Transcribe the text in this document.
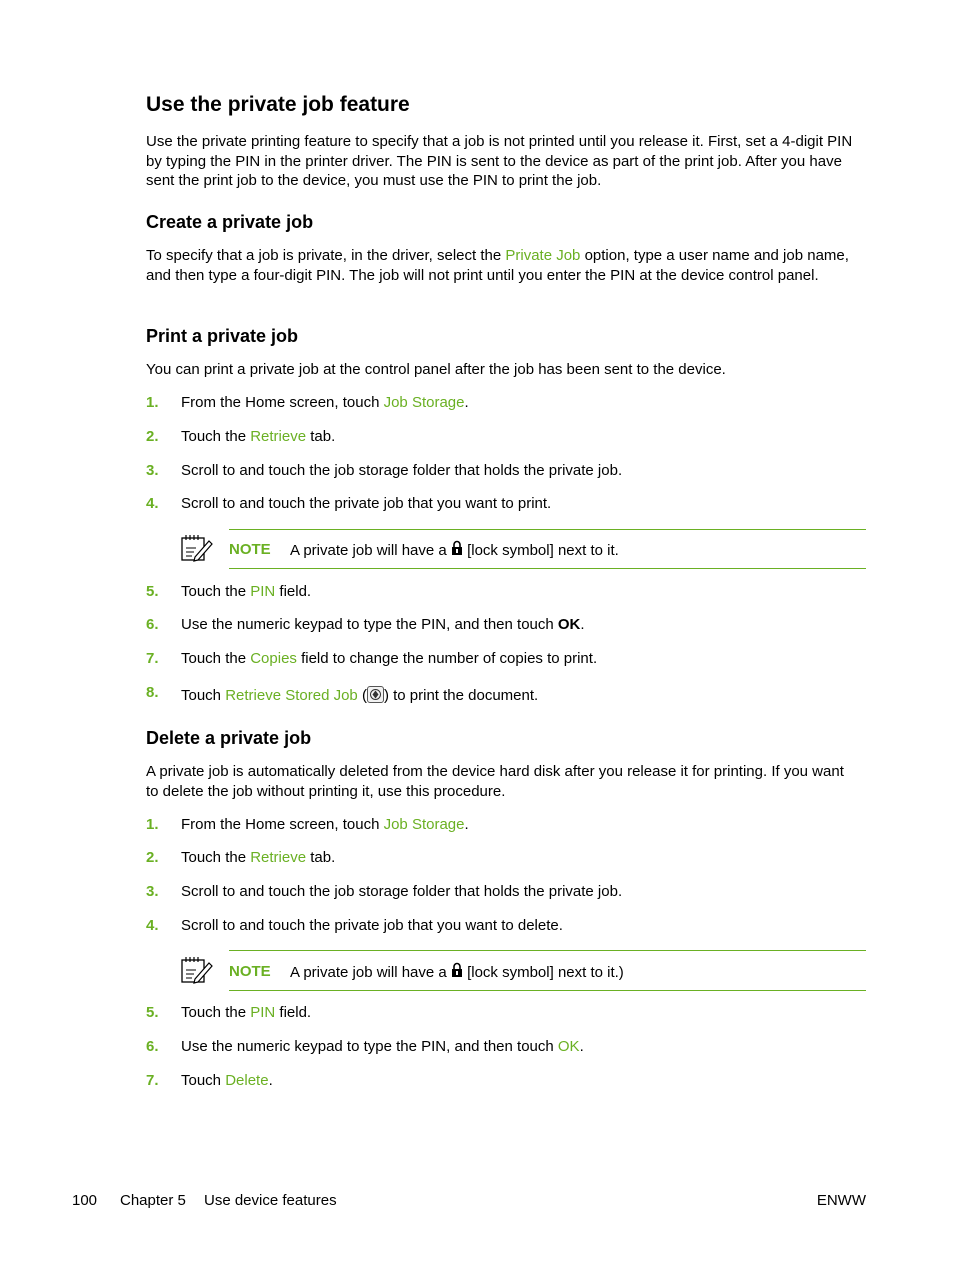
Use the private job feature

Use the private printing feature to specify that a job is not printed until you release it. First, set a 4-digit PIN by typing the PIN in the printer driver. The PIN is sent to the device as part of the print job. After you have sent the print job to the device, you must use the PIN to print the job.

Create a private job

To specify that a job is private, in the driver, select the Private Job option, type a user name and job name, and then type a four-digit PIN. The job will not print until you enter the PIN at the device control panel.

Print a private job

You can print a private job at the control panel after the job has been sent to the device.

1. From the Home screen, touch Job Storage.
2. Touch the Retrieve tab.
3. Scroll to and touch the job storage folder that holds the private job.
4. Scroll to and touch the private job that you want to print.
NOTE A private job will have a  [lock symbol] next to it.
5. Touch the PIN field.
6. Use the numeric keypad to type the PIN, and then touch OK.
7. Touch the Copies field to change the number of copies to print.
8. Touch Retrieve Stored Job ( ) to print the document.
Delete a private job

A private job is automatically deleted from the device hard disk after you release it for printing. If you want to delete the job without printing it, use this procedure.

1. From the Home screen, touch Job Storage.
2. Touch the Retrieve tab.
3. Scroll to and touch the job storage folder that holds the private job.
4. Scroll to and touch the private job that you want to delete.
NOTE A private job will have a  [lock symbol] next to it.)
5. Touch the PIN field.
6. Use the numeric keypad to type the PIN, and then touch OK.
7. Touch Delete.
100 Chapter 5 Use device features	ENWW
